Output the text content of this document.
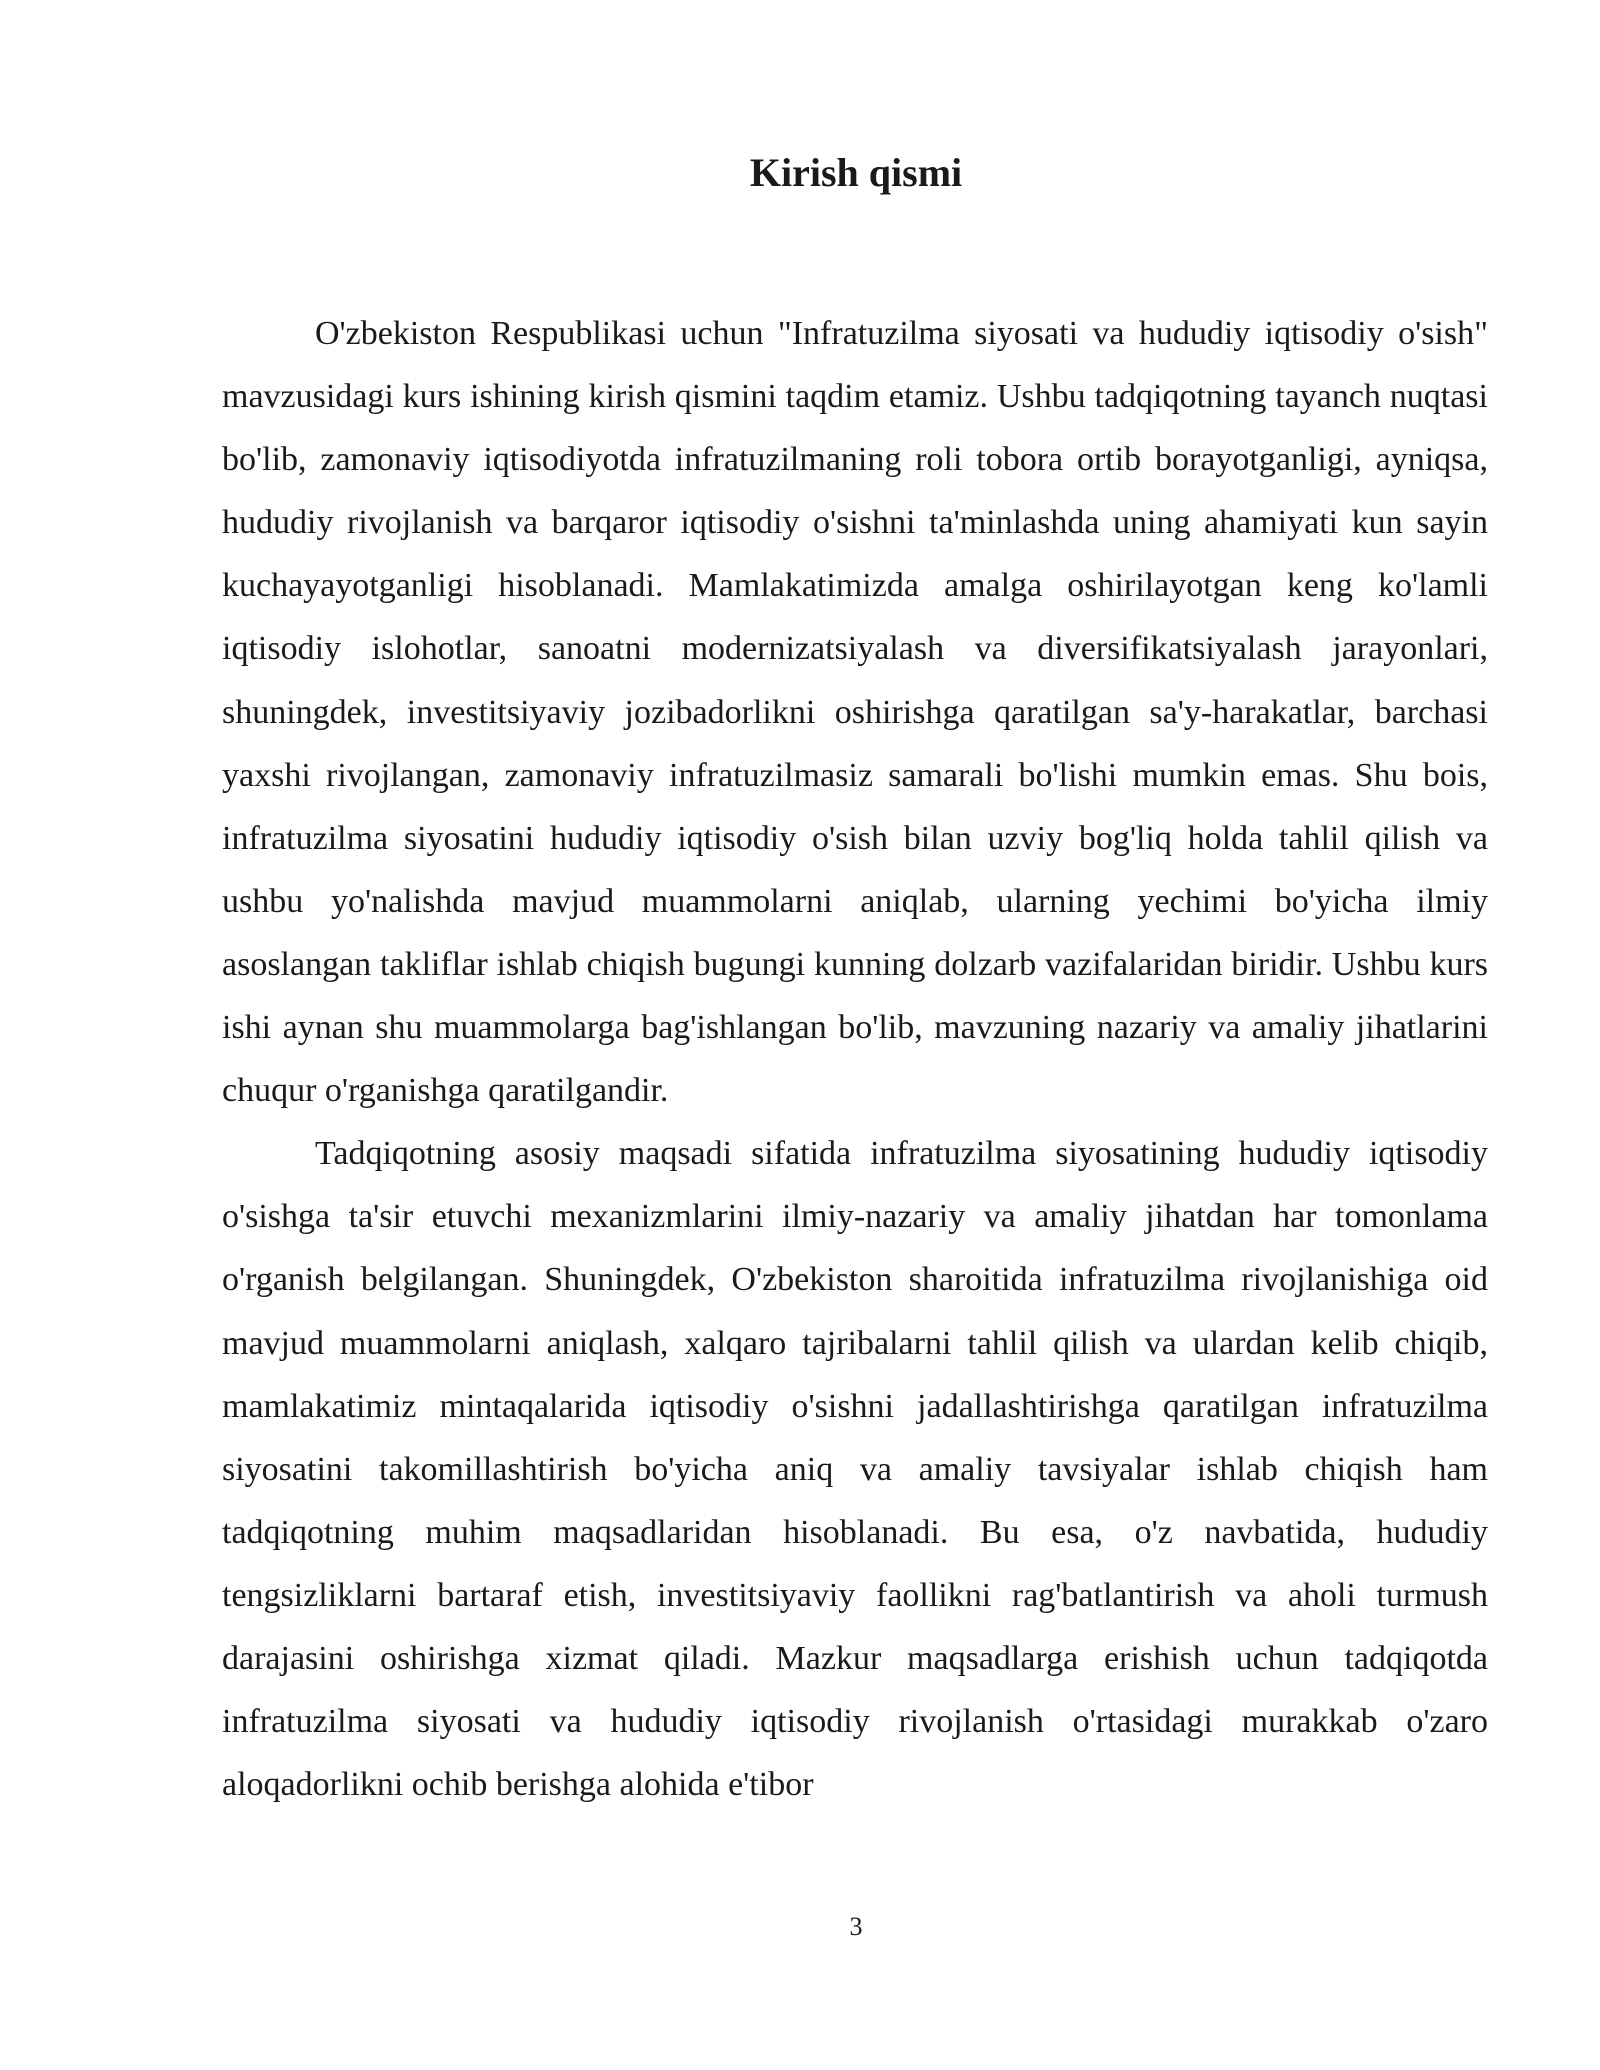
Kirish qismi

O'zbekiston Respublikasi uchun "Infratuzilma siyosati va hududiy iqtisodiy o'sish" mavzusidagi kurs ishining kirish qismini taqdim etamiz. Ushbu tadqiqotning tayanch nuqtasi bo'lib, zamonaviy iqtisodiyotda infratuzilmaning roli tobora ortib borayotganligi, ayniqsa, hududiy rivojlanish va barqaror iqtisodiy o'sishni ta'minlashda uning ahamiyati kun sayin kuchayayotganligi hisoblanadi. Mamlakatimizda amalga oshirilayotgan keng ko'lamli iqtisodiy islohotlar, sanoatni modernizatsiyalash va diversifikatsiyalash jarayonlari, shuningdek, investitsiyaviy jozibadorlikni oshirishga qaratilgan sa'y-harakatlar, barchasi yaxshi rivojlangan, zamonaviy infratuzilmasiz samarali bo'lishi mumkin emas. Shu bois, infratuzilma siyosatini hududiy iqtisodiy o'sish bilan uzviy bog'liq holda tahlil qilish va ushbu yo'nalishda mavjud muammolarni aniqlab, ularning yechimi bo'yicha ilmiy asoslangan takliflar ishlab chiqish bugungi kunning dolzarb vazifalaridan biridir. Ushbu kurs ishi aynan shu muammolarga bag'ishlangan bo'lib, mavzuning nazariy va amaliy jihatlarini chuqur o'rganishga qaratilgandir.

Tadqiqotning asosiy maqsadi sifatida infratuzilma siyosatining hududiy iqtisodiy o'sishga ta'sir etuvchi mexanizmlarini ilmiy-nazariy va amaliy jihatdan har tomonlama o'rganish belgilangan. Shuningdek, O'zbekiston sharoitida infratuzilma rivojlanishiga oid mavjud muammolarni aniqlash, xalqaro tajribalarni tahlil qilish va ulardan kelib chiqib, mamlakatimiz mintaqalarida iqtisodiy o'sishni jadallashtirishga qaratilgan infratuzilma siyosatini takomillashtirish bo'yicha aniq va amaliy tavsiyalar ishlab chiqish ham tadqiqotning muhim maqsadlaridan hisoblanadi. Bu esa, o'z navbatida, hududiy tengsizliklarni bartaraf etish, investitsiyaviy faollikni rag'batlantirish va aholi turmush darajasini oshirishga xizmat qiladi. Mazkur maqsadlarga erishish uchun tadqiqotda infratuzilma siyosati va hududiy iqtisodiy rivojlanish o'rtasidagi murakkab o'zaro aloqadorlikni ochib berishga alohida e'tibor

3
